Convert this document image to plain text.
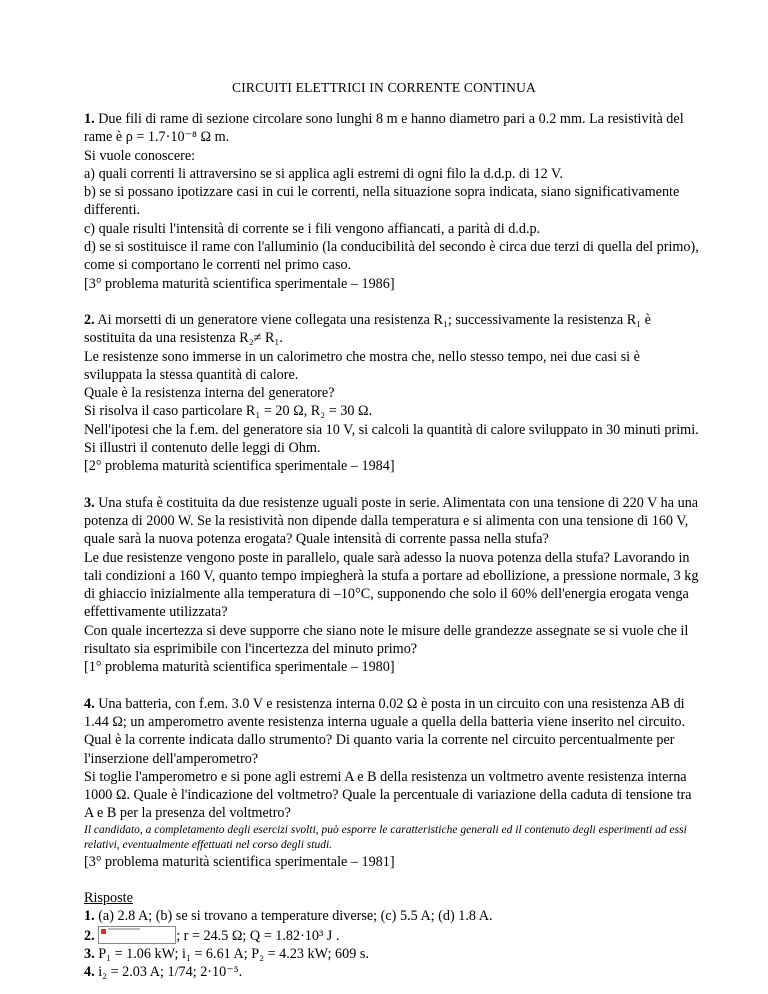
CIRCUITI ELETTRICI IN CORRENTE CONTINUA

1. Due fili di rame di sezione circolare sono lunghi 8 m e hanno diametro pari a 0.2 mm. La resistività del rame è ρ = 1.7·10⁻⁸ Ω m.

Si vuole conoscere:

a) quali correnti li attraversino se si applica agli estremi di ogni filo la d.d.p. di 12 V.

b) se si possano ipotizzare casi in cui le correnti, nella situazione sopra indicata, siano significativamente differenti.

c) quale risulti l'intensità di corrente se i fili vengono affiancati, a parità di d.d.p.

d) se si sostituisce il rame con l'alluminio (la conducibilità del secondo è circa due terzi di quella del primo), come si comportano le correnti nel primo caso.

[3° problema maturità scientifica sperimentale – 1986]

2. Ai morsetti di un generatore viene collegata una resistenza R₁; successivamente la resistenza R₁ è sostituita da una resistenza R₂≠ R₁.

Le resistenze sono immerse in un calorimetro che mostra che, nello stesso tempo, nei due casi si è sviluppata la stessa quantità di calore.

Quale è la resistenza interna del generatore?

Si risolva il caso particolare R₁ = 20 Ω, R₂ = 30 Ω.

Nell'ipotesi che la f.em. del generatore sia 10 V, si calcoli la quantità di calore sviluppato in 30 minuti primi.

Si illustri il contenuto delle leggi di Ohm.

[2° problema maturità scientifica sperimentale – 1984]

3. Una stufa è costituita da due resistenze uguali poste in serie. Alimentata con una tensione di 220 V ha una potenza di 2000 W. Se la resistività non dipende dalla temperatura e si alimenta con una tensione di 160 V, quale sarà la nuova potenza erogata? Quale intensità di corrente passa nella stufa?

Le due resistenze vengono poste in parallelo, quale sarà adesso la nuova potenza della stufa? Lavorando in tali condizioni a 160 V, quanto tempo impiegherà la stufa a portare ad ebollizione, a pressione normale, 3 kg di ghiaccio inizialmente alla temperatura di –10°C, supponendo che solo il 60% dell'energia erogata venga effettivamente utilizzata?

Con quale incertezza si deve supporre che siano note le misure delle grandezze assegnate se si vuole che il risultato sia esprimibile con l'incertezza del minuto primo?

[1° problema maturità scientifica sperimentale – 1980]

4. Una batteria, con f.em. 3.0 V e resistenza interna 0.02 Ω è posta in un circuito con una resistenza AB di 1.44 Ω; un amperometro avente resistenza interna uguale a quella della batteria viene inserito nel circuito. Qual è la corrente indicata dallo strumento? Di quanto varia la corrente nel circuito percentualmente per l'inserzione dell'amperometro?

Si toglie l'amperometro e si pone agli estremi A e B della resistenza un voltmetro avente resistenza interna 1000 Ω. Quale è l'indicazione del voltmetro? Quale la percentuale di variazione della caduta di tensione tra A e B per la presenza del voltmetro?

Il candidato, a completamento degli esercizi svolti, può esporre le caratteristiche generali ed il contenuto degli esperimenti ad essi relativi, eventualmente effettuati nel corso degli studi.

[3° problema maturità scientifica sperimentale – 1981]

Risposte

1. (a) 2.8 A; (b) se si trovano a temperature diverse; (c) 5.5 A; (d) 1.8 A.

2.	; r = 24.5 Ω; Q = 1.82·10³ J .

3. P₁ = 1.06 kW; i₁ = 6.61 A; P₂ = 4.23 kW; 609 s.

4. i₂ = 2.03 A; 1/74; 2·10⁻⁵.
